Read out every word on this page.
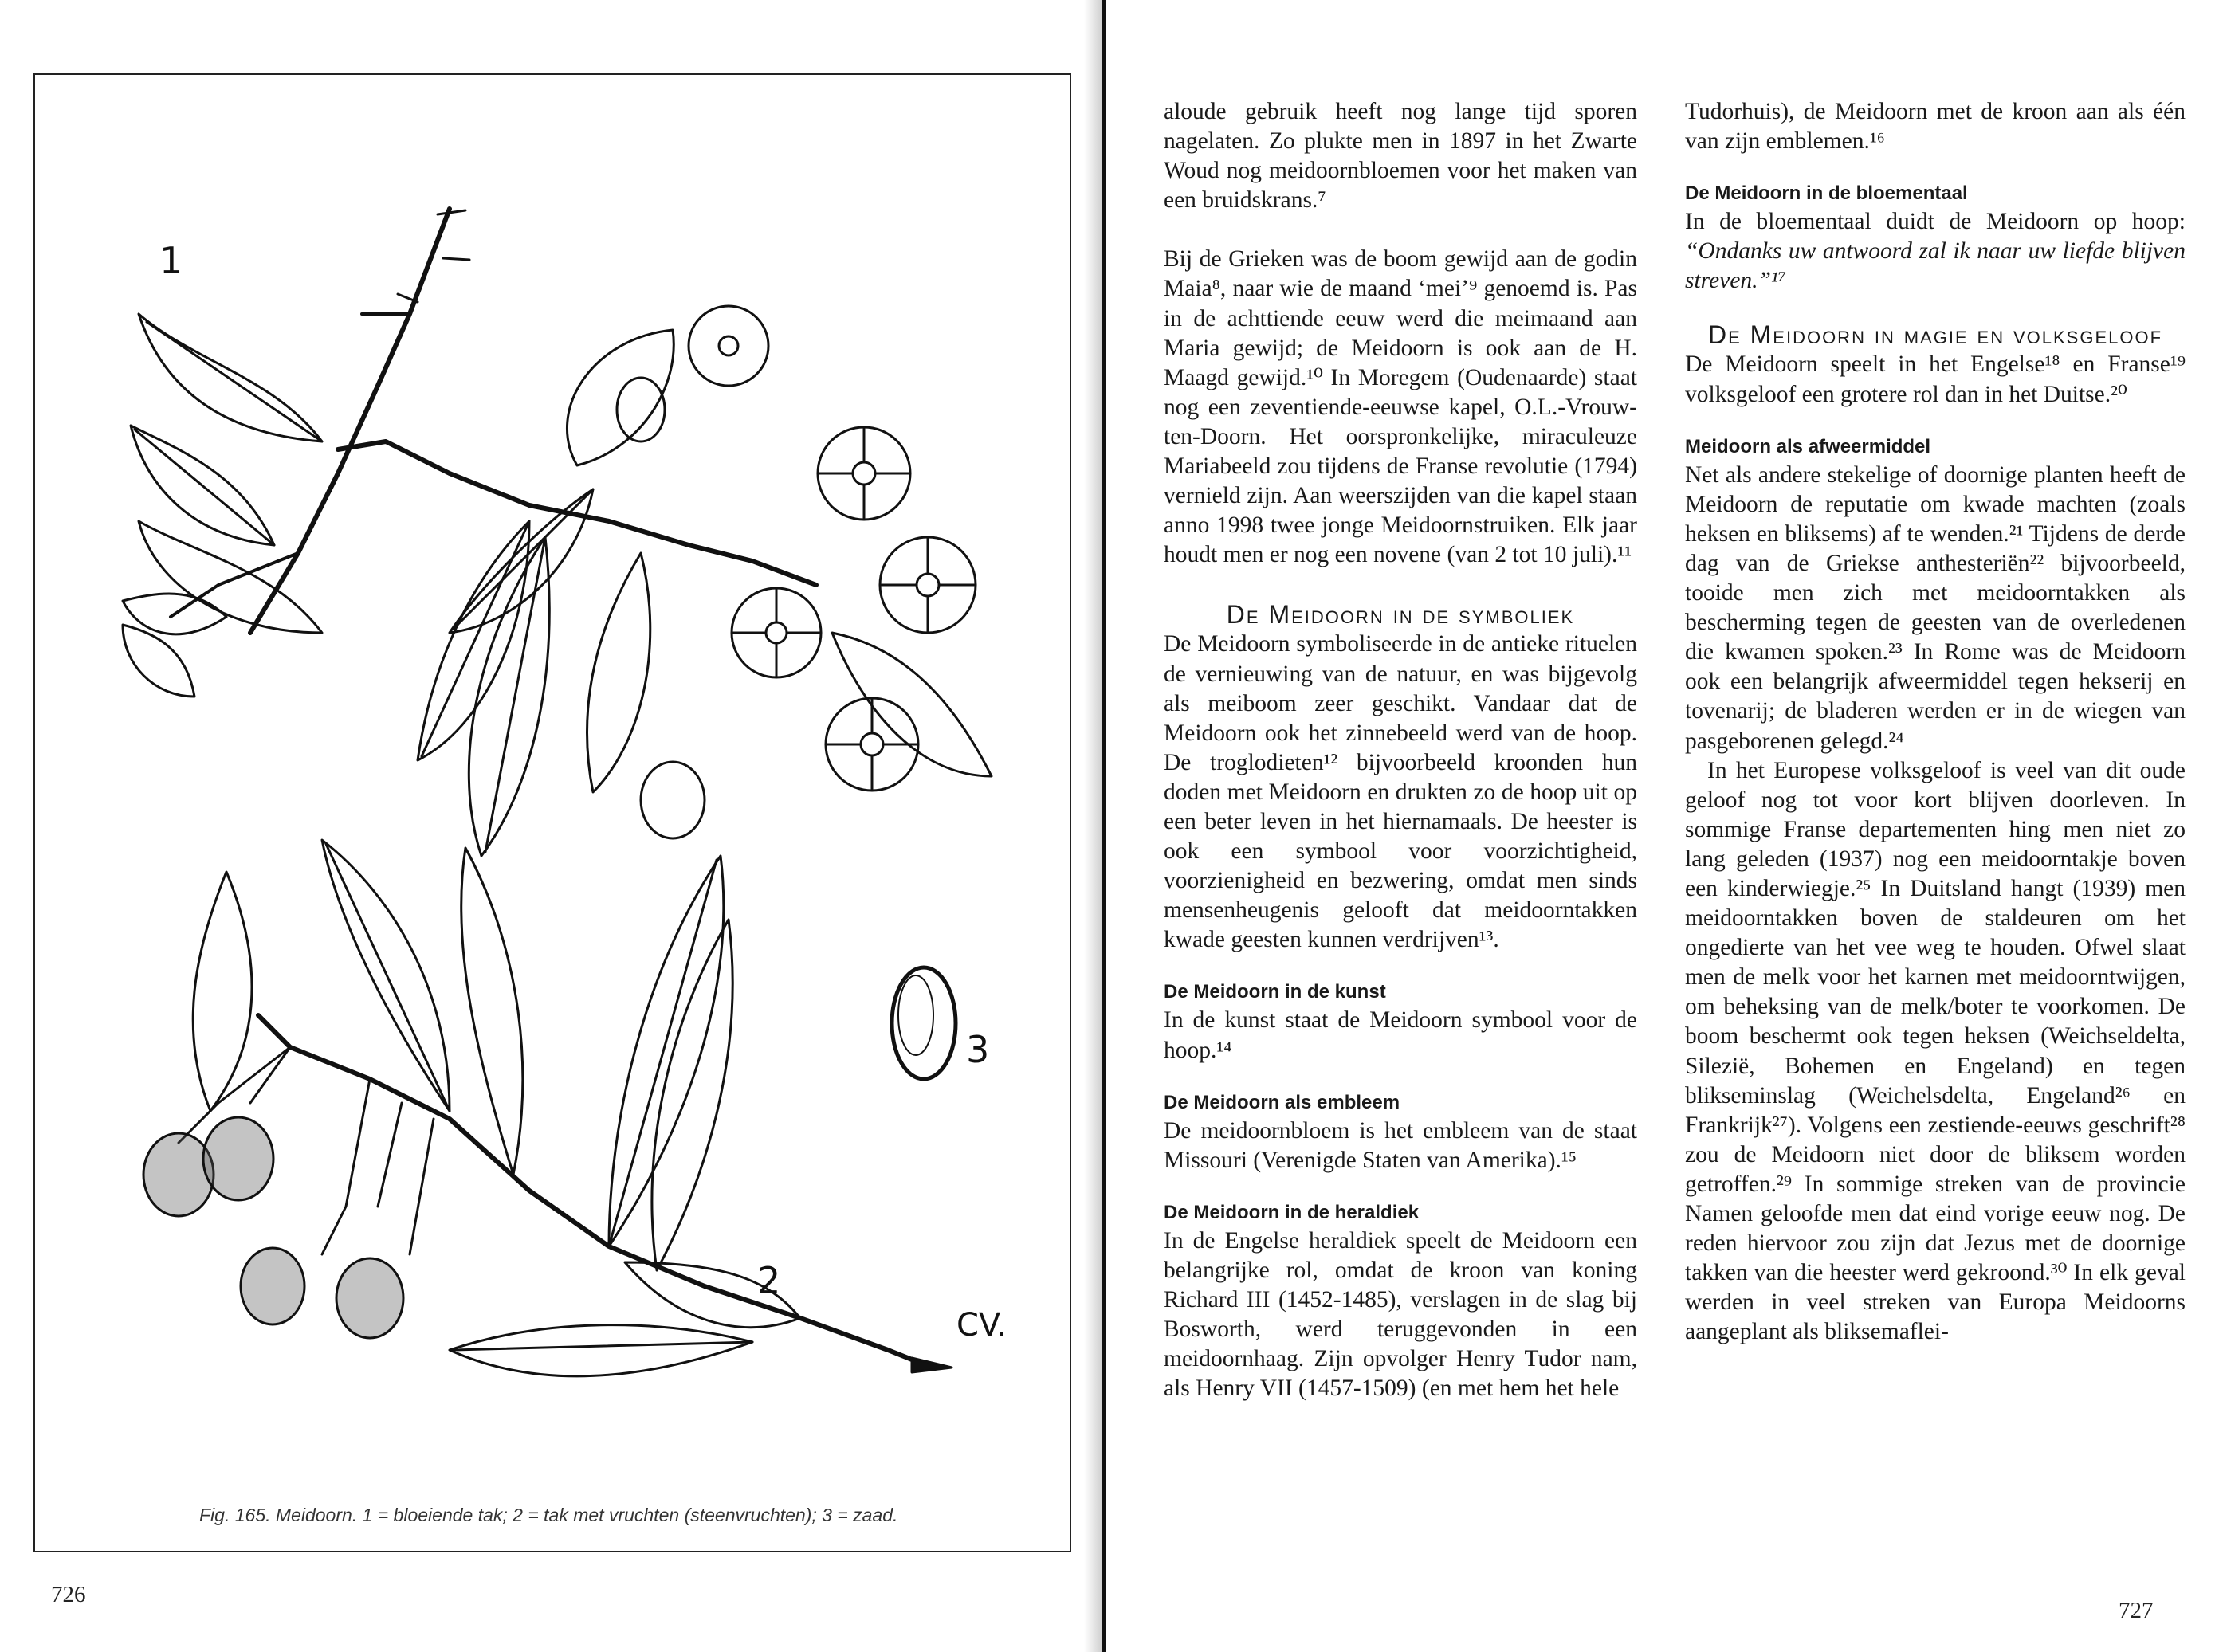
1
2
3
CV.
Fig. 165. Meidoorn. 1 = bloeiende tak; 2 = tak met vruchten (steenvruchten); 3 = zaad.
726

aloude gebruik heeft nog lange tijd sporen nagelaten. Zo plukte men in 1897 in het Zwarte Woud nog meidoornbloemen voor het maken van een bruidskrans.⁷

Bij de Grieken was de boom gewijd aan de godin Maia⁸, naar wie de maand ‘mei’⁹ genoemd is. Pas in de achttiende eeuw werd die meimaand aan Maria gewijd; de Meidoorn is ook aan de H. Maagd gewijd.¹⁰ In Moregem (Oudenaarde) staat nog een zeventiende-eeuwse kapel, O.L.-Vrouw-ten-Doorn. Het oorspronkelijke, miraculeuze Mariabeeld zou tijdens de Franse revolutie (1794) vernield zijn. Aan weerszijden van die kapel staan anno 1998 twee jonge Meidoornstruiken. Elk jaar houdt men er nog een novene (van 2 tot 10 juli).¹¹

De Meidoorn in de symboliek

De Meidoorn symboliseerde in de antieke rituelen de vernieuwing van de natuur, en was bijgevolg als meiboom zeer geschikt. Vandaar dat de Meidoorn ook het zinnebeeld werd van de hoop. De troglodieten¹² bijvoorbeeld kroonden hun doden met Meidoorn en drukten zo de hoop uit op een beter leven in het hiernamaals. De heester is ook een symbool voor voorzichtigheid, voorzienigheid en bezwering, omdat men sinds mensenheugenis gelooft dat meidoorntakken kwade geesten kunnen verdrijven¹³.

De Meidoorn in de kunst

In de kunst staat de Meidoorn symbool voor de hoop.¹⁴

De Meidoorn als embleem

De meidoornbloem is het embleem van de staat Missouri (Verenigde Staten van Amerika).¹⁵

De Meidoorn in de heraldiek

In de Engelse heraldiek speelt de Meidoorn een belangrijke rol, omdat de kroon van koning Richard III (1452-1485), verslagen in de slag bij Bosworth, werd teruggevonden in een meidoornhaag. Zijn opvolger Henry Tudor nam, als Henry VII (1457-1509) (en met hem het hele

Tudorhuis), de Meidoorn met de kroon aan als één van zijn emblemen.¹⁶

De Meidoorn in de bloementaal

In de bloementaal duidt de Meidoorn op hoop: “Ondanks uw antwoord zal ik naar uw liefde blijven streven.”¹⁷

De Meidoorn in magie en volksgeloof

De Meidoorn speelt in het Engelse¹⁸ en Franse¹⁹ volksgeloof een grotere rol dan in het Duitse.²⁰

Meidoorn als afweermiddel

Net als andere stekelige of doornige planten heeft de Meidoorn de reputatie om kwade machten (zoals heksen en bliksems) af te wenden.²¹ Tijdens de derde dag van de Griekse anthesteriën²² bijvoorbeeld, tooide men zich met meidoorntakken als bescherming tegen de geesten van de overledenen die kwamen spoken.²³ In Rome was de Meidoorn ook een belangrijk afweermiddel tegen hekserij en tovenarij; de bladeren werden er in de wiegen van pasgeborenen gelegd.²⁴

In het Europese volksgeloof is veel van dit oude geloof nog tot voor kort blijven doorleven. In sommige Franse departementen hing men niet zo lang geleden (1937) nog een meidoorntakje boven een kinderwiegje.²⁵ In Duitsland hangt (1939) men meidoorntakken boven de staldeuren om het ongedierte van het vee weg te houden. Ofwel slaat men de melk voor het karnen met meidoorntwijgen, om beheksing van de melk/boter te voorkomen. De boom beschermt ook tegen heksen (Weichseldelta, Silezië, Bohemen en Engeland) en tegen blikseminslag (Weichelsdelta, Engeland²⁶ en Frankrijk²⁷). Volgens een zestiende-eeuws geschrift²⁸ zou de Meidoorn niet door de bliksem worden getroffen.²⁹ In sommige streken van de provincie Namen geloofde men dat eind vorige eeuw nog. De reden hiervoor zou zijn dat Jezus met de doornige takken van die heester werd gekroond.³⁰ In elk geval werden in veel streken van Europa Meidoorns aangeplant als bliksemaflei-

727
